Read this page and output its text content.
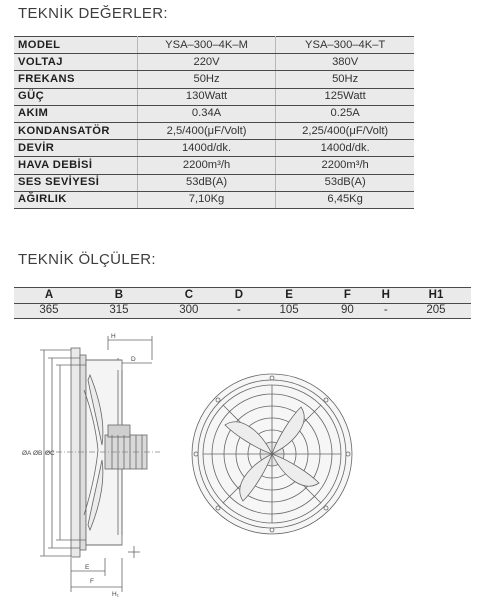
TEKNİK DEĞERLER:
MODEL	YSA–300–4K–M	YSA–300–4K–T
VOLTAJ	220V	380V
FREKANS	50Hz	50Hz
GÜÇ	130Watt	125Watt
AKIM	0.34A	0.25A
KONDANSATÖR	2,5/400(μF/Volt)	2,25/400(μF/Volt)
DEVİR	1400d/dk.	1400d/dk.
HAVA DEBİSİ	2200m³/h	2200m³/h
SES SEVİYESİ	53dB(A)	53dB(A)
AĞIRLIK	7,10Kg	6,45Kg
TEKNİK ÖLÇÜLER:
A	B	C	D	E	F	H	H1
365	315	300	-	105	90	-	205
H
D
ØA ØB ØC
E
F
H₁
